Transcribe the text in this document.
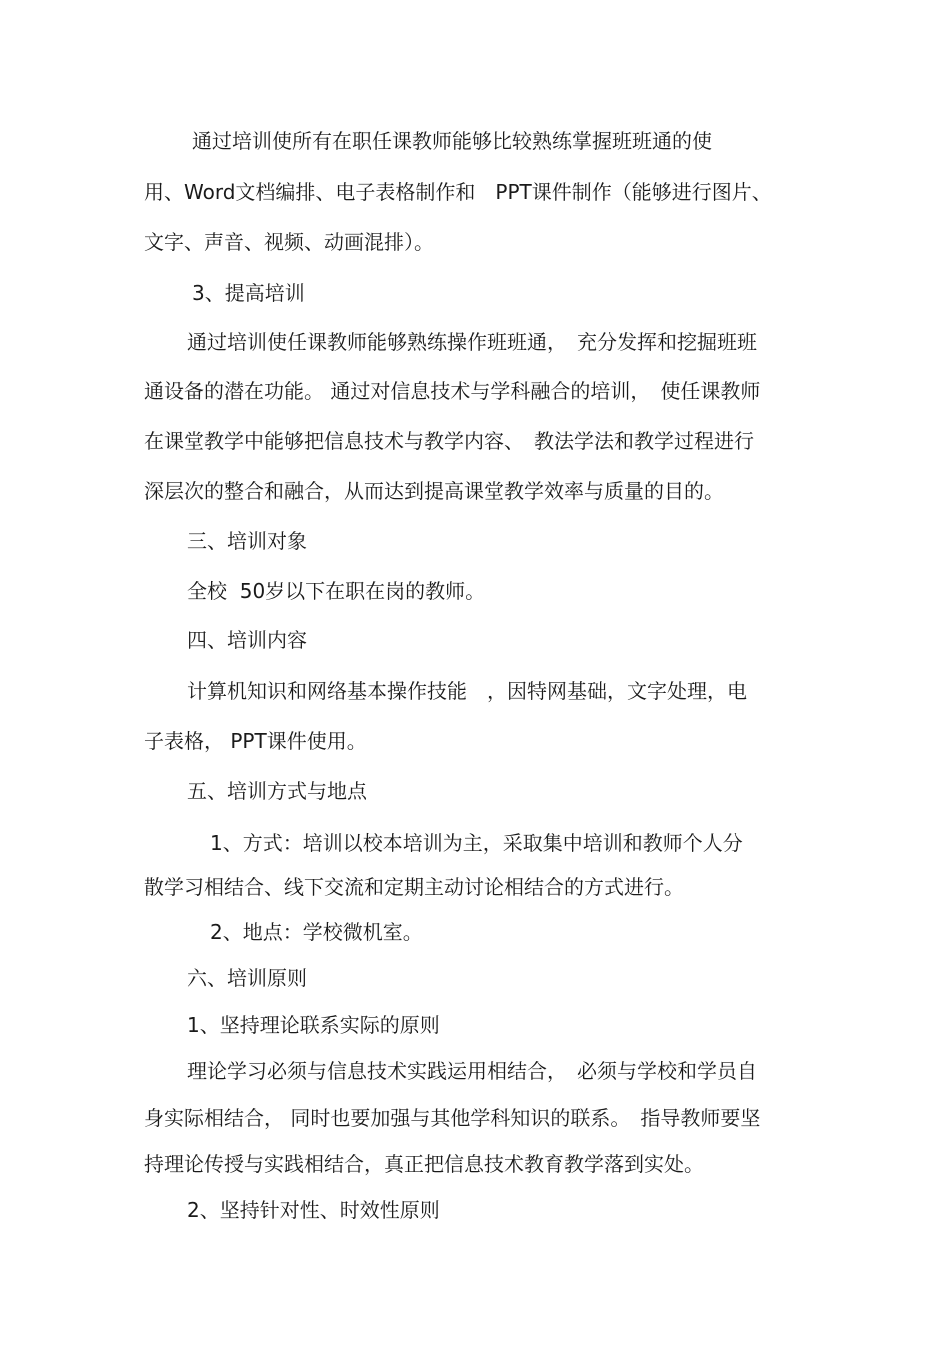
通过培训使所有在职任课教师能够比较熟练掌握班班通的使
用、Word文档编排、电子表格制作和　PPT课件制作（能够进行图片、
文字、声音、视频、动画混排）。
3、提高培训
通过培训使任课教师能够熟练操作班班通，　充分发挥和挖掘班班
通设备的潜在功能。 通过对信息技术与学科融合的培训，　使任课教师
在课堂教学中能够把信息技术与教学内容、　教法学法和教学过程进行
深层次的整合和融合，从而达到提高课堂教学效率与质量的目的。
三、培训对象
全校  50岁以下在职在岗的教师。
四、培训内容
计算机知识和网络基本操作技能　，因特网基础，文字处理，电
子表格， PPT课件使用。
五、培训方式与地点
1、方式：培训以校本培训为主，采取集中培训和教师个人分
散学习相结合、线下交流和定期主动讨论相结合的方式进行。
2、地点：学校微机室。
六、培训原则
1、坚持理论联系实际的原则
理论学习必须与信息技术实践运用相结合，　必须与学校和学员自
身实际相结合， 同时也要加强与其他学科知识的联系。　指导教师要坚
持理论传授与实践相结合，真正把信息技术教育教学落到实处。
2、坚持针对性、时效性原则
